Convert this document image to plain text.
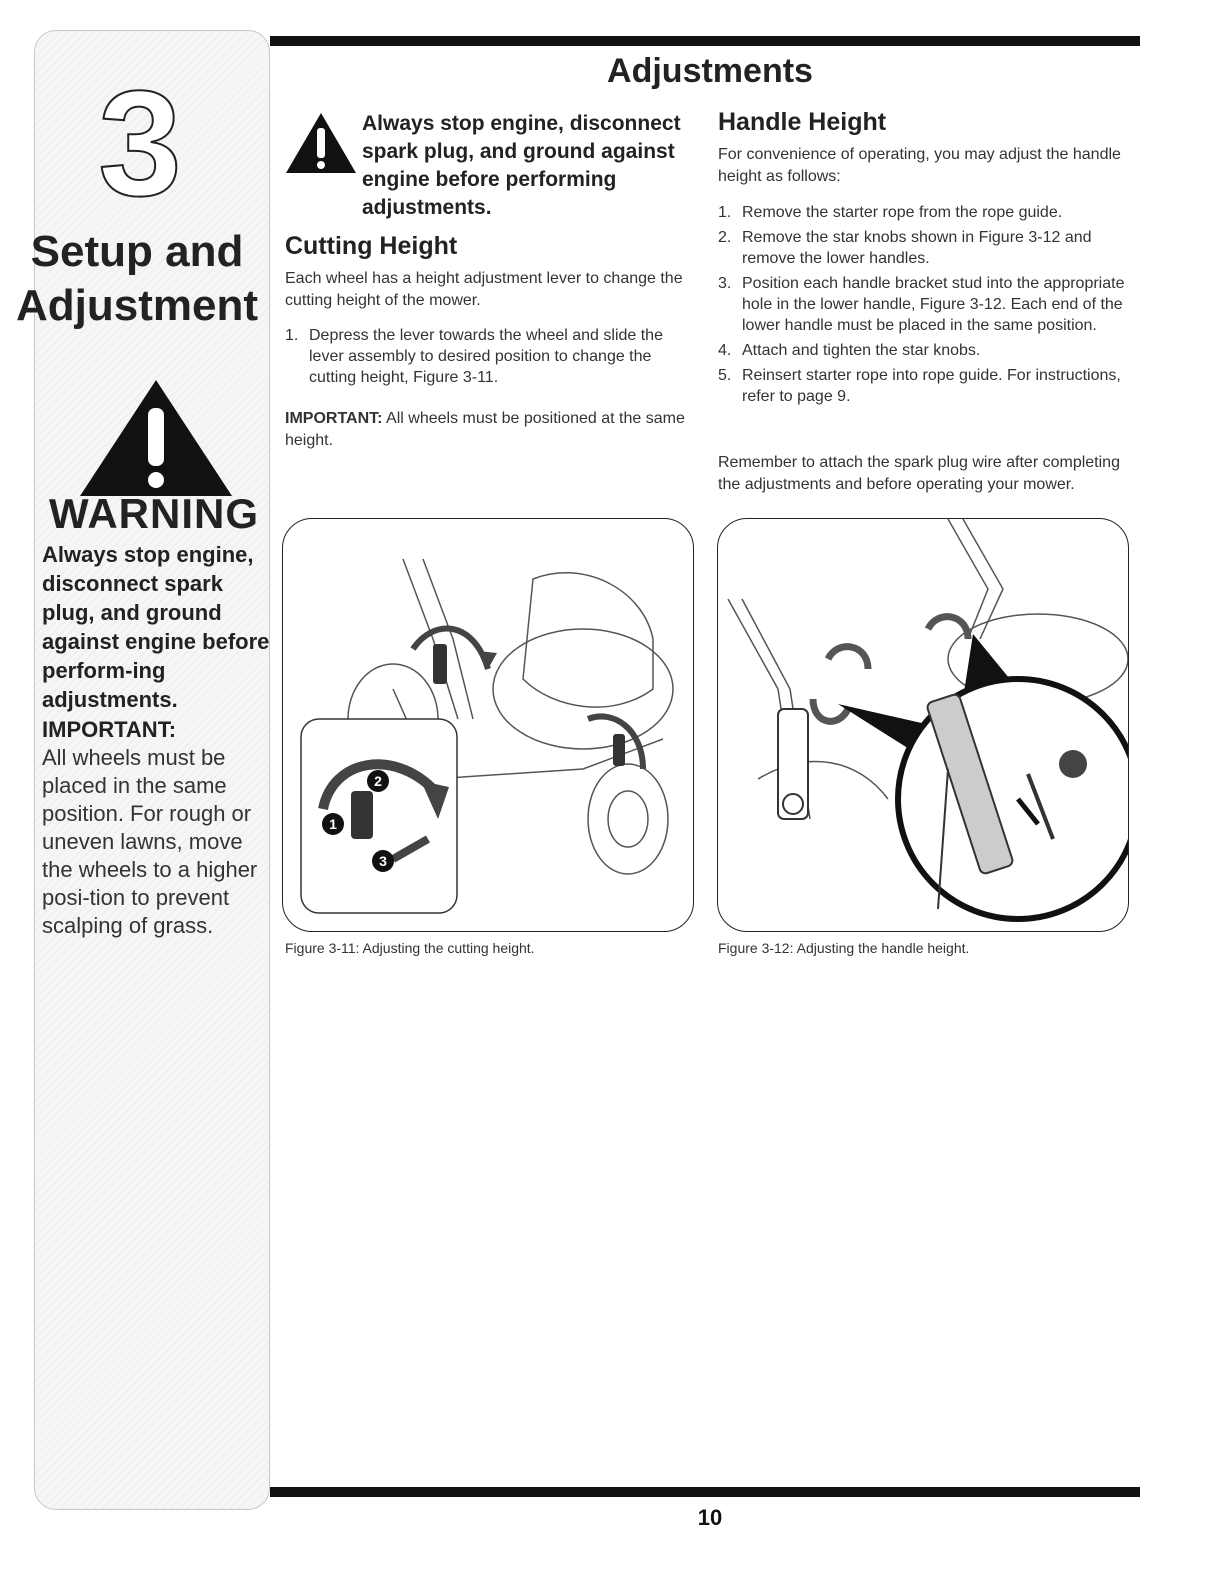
3
Setup and
Adjustment
WARNING
Always stop engine, disconnect spark plug, and ground against engine before perform-ing adjustments.
IMPORTANT:
All wheels must be placed in the same position. For rough or uneven lawns, move the wheels to a higher posi-tion to prevent scalping of grass.
Adjustments
Always stop engine, disconnect spark plug, and ground against engine before performing adjustments.
Cutting Height
Each wheel has a height adjustment lever to change the cutting height of the mower.
1. Depress the lever towards the wheel and slide the lever assembly to desired position to change the cutting height, Figure 3-11.
IMPORTANT: All wheels must be positioned at the same height.
Handle Height
For convenience of operating, you may adjust the handle height as follows:
1. Remove the starter rope from the rope guide.
2. Remove the star knobs shown in Figure 3-12 and remove the lower handles.
3. Position each handle bracket stud into the appropriate hole in the lower handle, Figure 3-12. Each end of the lower handle must be placed in the same position.
4. Attach and tighten the star knobs.
5. Reinsert starter rope into rope guide. For instructions, refer to page 9.
Remember to attach the spark plug wire after completing the adjustments and before operating your mower.
1
2
3
Figure 3-11: Adjusting the cutting height.	Figure 3-12: Adjusting the handle height.
10
